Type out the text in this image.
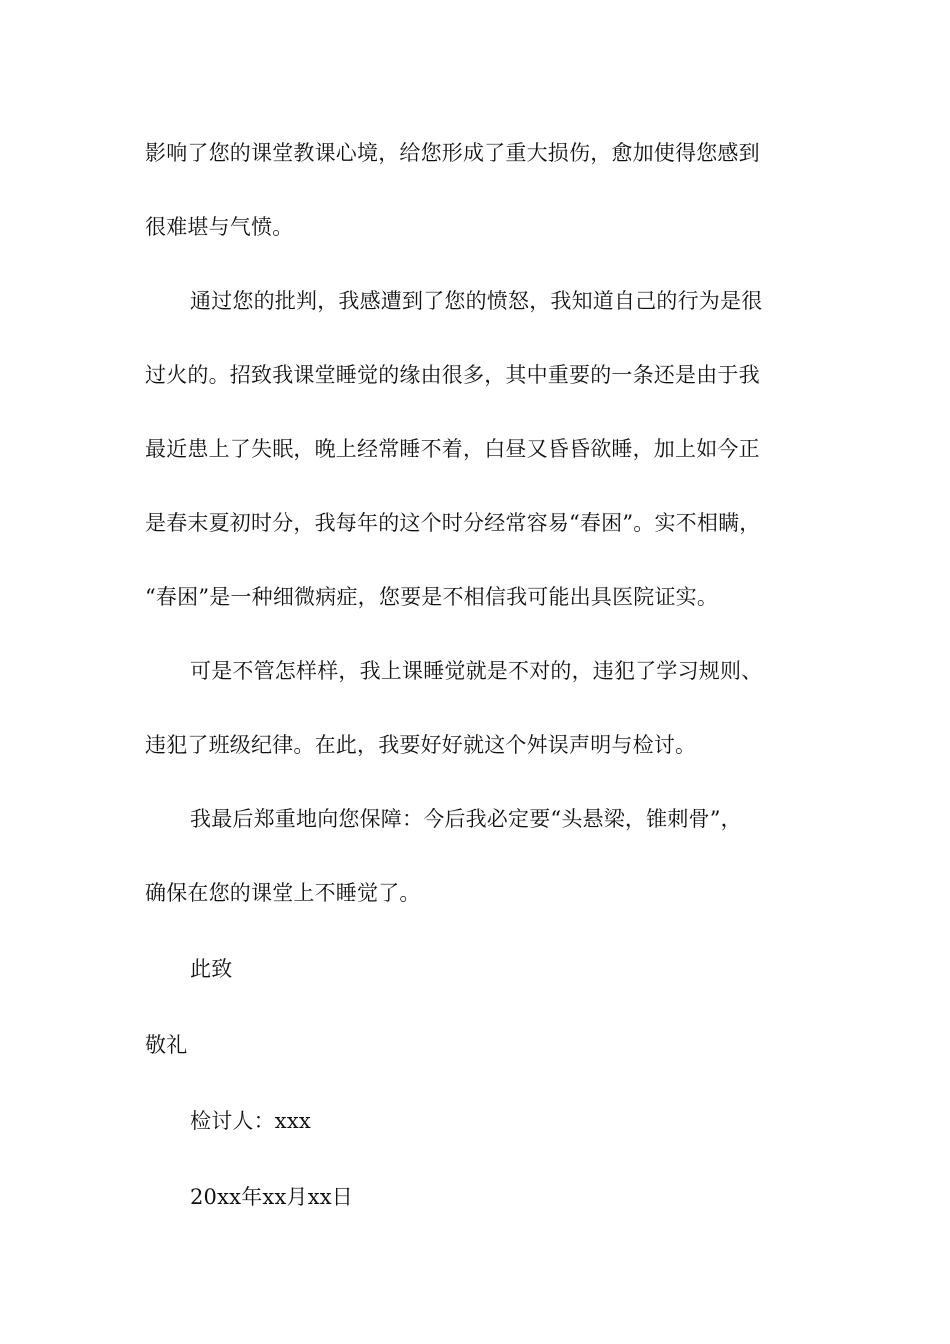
影响了您的课堂教课心境，给您形成了重大损伤，愈加使得您感到
很难堪与气愤。
通过您的批判，我感遭到了您的愤怒，我知道自己的行为是很
过火的。招致我课堂睡觉的缘由很多，其中重要的一条还是由于我
最近患上了失眠，晚上经常睡不着，白昼又昏昏欲睡，加上如今正
是春末夏初时分，我每年的这个时分经常容易“春困”。实不相瞒，
“春困”是一种细微病症，您要是不相信我可能出具医院证实。
可是不管怎样样，我上课睡觉就是不对的，违犯了学习规则、
违犯了班级纪律。在此，我要好好就这个舛误声明与检讨。
我最后郑重地向您保障：今后我必定要“头悬梁，锥刺骨”，
确保在您的课堂上不睡觉了。
此致
敬礼
检讨人：xxx
20xx年xx月xx日
